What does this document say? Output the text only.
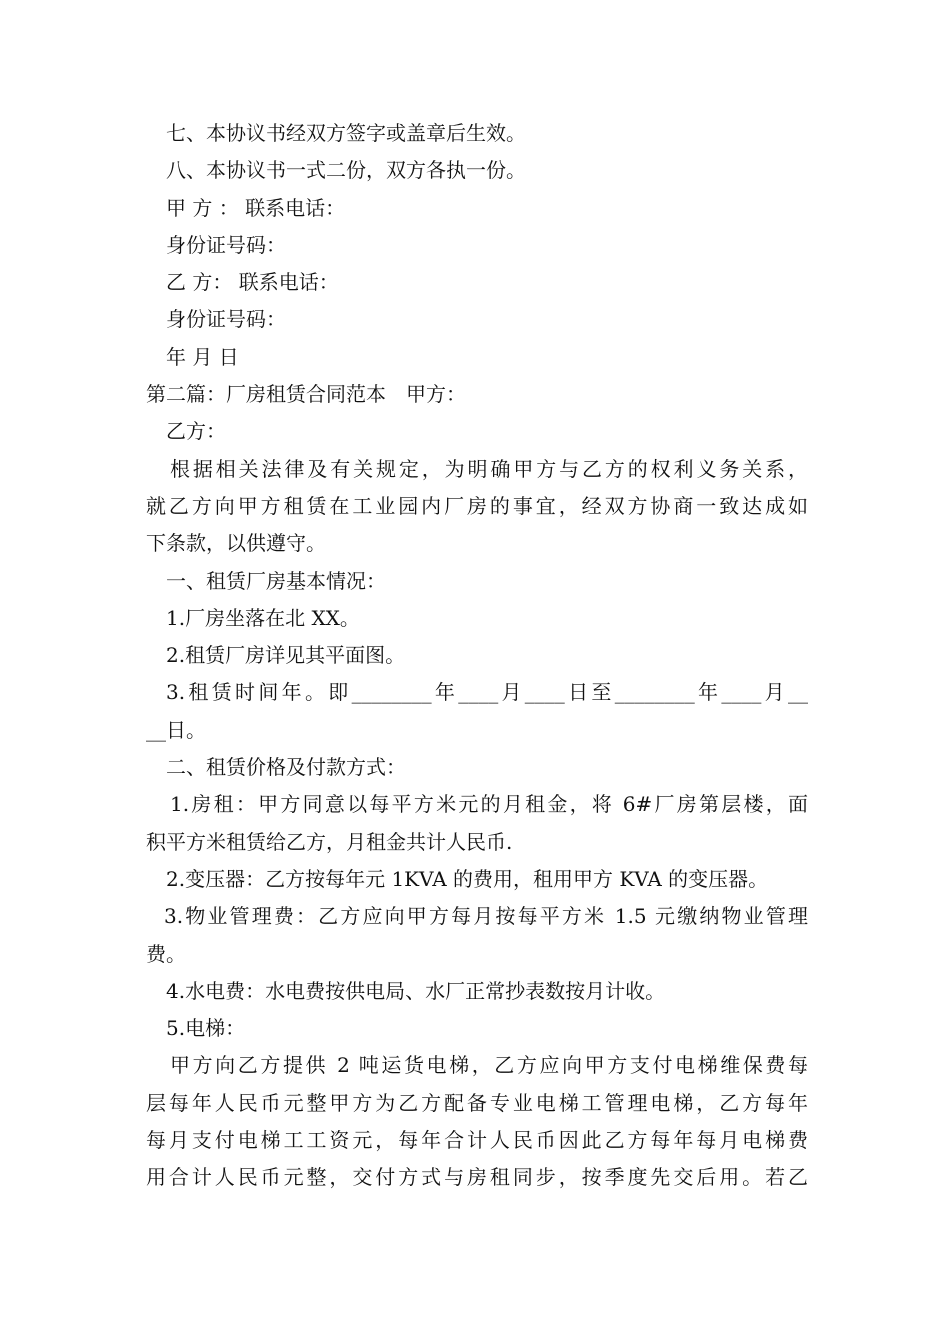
七、本协议书经双方签字或盖章后生效。
八、本协议书一式二份，双方各执一份。
甲 方 ： 联系电话：
身份证号码：
乙 方： 联系电话：
身份证号码：
年 月 日
第二篇：厂房租赁合同范本　甲方：
乙方：
根据相关法律及有关规定，为明确甲方与乙方的权利义务关系，
就乙方向甲方租赁在工业园内厂房的事宜，经双方协商一致达成如
下条款，以供遵守。
一、租赁厂房基本情况：
1.厂房坐落在北 XX。
2.租赁厂房详见其平面图。
3.租赁时间年。即________年____月____日至________年____月__
__日。
二、租赁价格及付款方式：
1.房租：甲方同意以每平方米元的月租金，将 6#厂房第层楼，面
积平方米租赁给乙方，月租金共计人民币.
2.变压器：乙方按每年元 1KVA 的费用，租用甲方 KVA 的变压器。
3.物业管理费：乙方应向甲方每月按每平方米 1.5 元缴纳物业管理
费。
4.水电费：水电费按供电局、水厂正常抄表数按月计收。
5.电梯：
甲方向乙方提供 2 吨运货电梯，乙方应向甲方支付电梯维保费每
层每年人民币元整甲方为乙方配备专业电梯工管理电梯，乙方每年
每月支付电梯工工资元，每年合计人民币因此乙方每年每月电梯费
用合计人民币元整，交付方式与房租同步，按季度先交后用。若乙
